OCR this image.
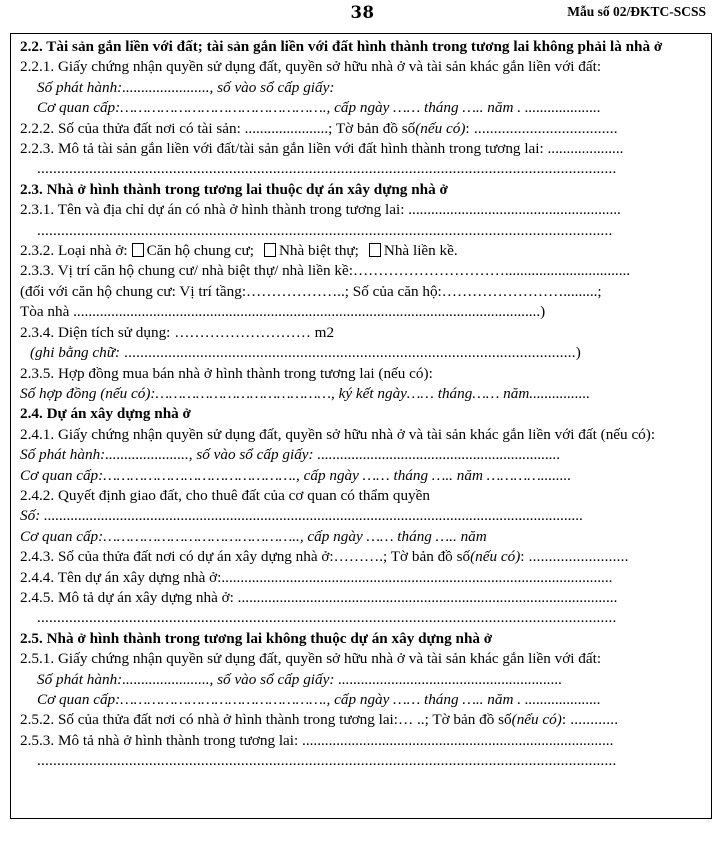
38	Mẫu số 02/ĐKTC-SCSS
2.2. Tài sản gắn liền với đất; tài sản gắn liền với đất hình thành trong tương lai không phải là nhà ở
2.2.1. Giấy chứng nhận quyền sử dụng đất, quyền sở hữu nhà ở và tài sản khác gắn liền với đất:
Số phát hành:......................., số vào sổ cấp giấy:
Cơ quan cấp:………………………………………., cấp ngày …… tháng ….. năm . ....................
2.2.2. Số của thửa đất nơi có tài sản: ......................; Tờ bản đồ số(nếu có): ....................................
2.2.3. Mô tả tài sản gắn liền với đất/tài sản gắn liền với đất hình thành trong tương lai: ....................
.................................................................................................................................................
2.3. Nhà ở hình thành trong tương lai thuộc dự án xây dựng nhà ở
2.3.1. Tên và địa chỉ dự án có nhà ở hình thành trong tương lai: ........................................................
................................................................................................................................................
2.3.2. Loại nhà ở: Căn hộ chung cư; Nhà biệt thự; Nhà liền kề.
2.3.3. Vị trí căn hộ chung cư/ nhà biệt thự/ nhà liền kề:………………………….................................
(đối với căn hộ chung cư: Vị trí tầng:………………..; Số của căn hộ:…………………….........;
Tòa nhà ...........................................................................................................................)
2.3.4. Diện tích sử dụng: ……………………… m2
(ghi bằng chữ: .................................................................................................................)
2.3.5. Hợp đồng mua bán nhà ở hình thành trong tương lai (nếu có):
Số hợp đồng (nếu có):…………………………………, ký kết ngày…… tháng…… năm................
2.4. Dự án xây dựng nhà ở
2.4.1. Giấy chứng nhận quyền sử dụng đất, quyền sở hữu nhà ở và tài sản khác gắn liền với đất (nếu có):
Số phát hành:......................, số vào sổ cấp giấy: ................................................................
Cơ quan cấp:……………………………………., cấp ngày …… tháng ….. năm …………........
2.4.2. Quyết định giao đất, cho thuê đất của cơ quan có thẩm quyền
Số: ..............................................................................................................................................
Cơ quan cấp:…………………………………….., cấp ngày …… tháng ….. năm
2.4.3. Số của thửa đất nơi có dự án xây dựng nhà ở:……….; Tờ bản đồ số(nếu có): .........................
2.4.4. Tên dự án xây dựng nhà ở:.......................................................................................................
2.4.5. Mô tả dự án xây dựng nhà ở: ....................................................................................................
.................................................................................................................................................
2.5. Nhà ở hình thành trong tương lai không thuộc dự án xây dựng nhà ở
2.5.1. Giấy chứng nhận quyền sử dụng đất, quyền sở hữu nhà ở và tài sản khác gắn liền với đất:
Số phát hành:......................., số vào sổ cấp giấy: ...........................................................
Cơ quan cấp:………………………………………., cấp ngày …… tháng ….. năm . ....................
2.5.2. Số của thửa đất nơi có nhà ở hình thành trong tương lai:… ..; Tờ bản đồ số(nếu có): ............
2.5.3. Mô tả nhà ở hình thành trong tương lai: ..................................................................................
.................................................................................................................................................
